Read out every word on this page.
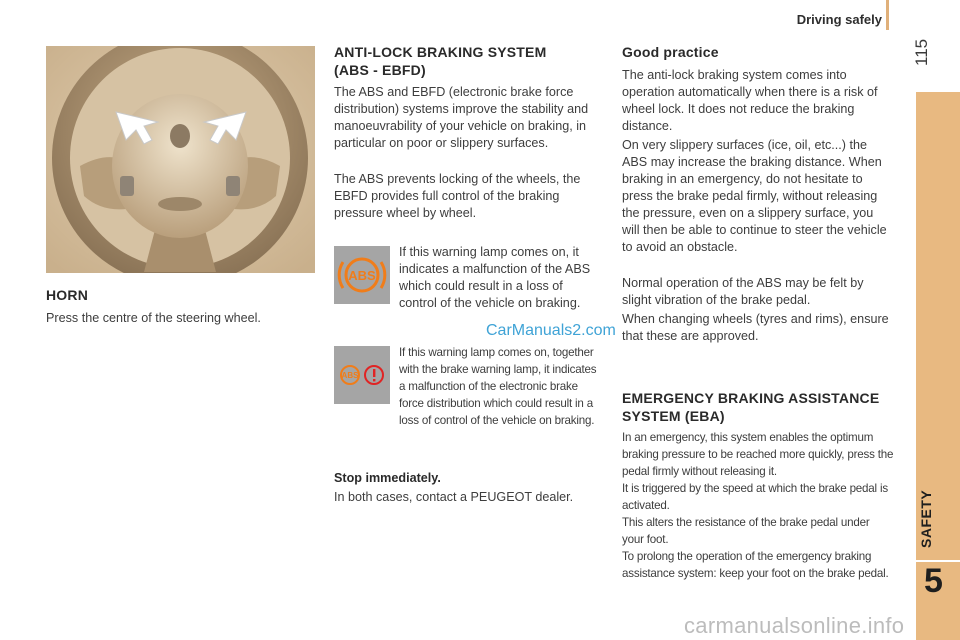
Driving safely
115
SAFETY
5
HORN

Press the centre of the steering wheel.

ANTI-LOCK BRAKING SYSTEM
(ABS - EBFD)

The ABS and EBFD (electronic brake force distribution) systems improve the stability and manoeuvrability of your vehicle on braking, in particular on poor or slippery surfaces.

The ABS prevents locking of the wheels, the EBFD provides full control of the braking pressure wheel by wheel.

ABS

If this warning lamp comes on, it indicates a malfunction of the ABS which could result in a loss of control of the vehicle on braking.

CarManuals2.com
ABS

If this warning lamp comes on, together with the brake warning lamp, it indicates a malfunction of the electronic brake force distribution which could result in a loss of control of the vehicle on braking.

Stop immediately.

In both cases, contact a PEUGEOT dealer.

Good practice

The anti-lock braking system comes into operation automatically when there is a risk of wheel lock. It does not reduce the braking distance.

On very slippery surfaces (ice, oil, etc...) the ABS may increase the braking distance. When braking in an emergency, do not hesitate to press the brake pedal firmly, without releasing the pressure, even on a slippery surface, you will then be able to continue to steer the vehicle to avoid an obstacle.

Normal operation of the ABS may be felt by slight vibration of the brake pedal.

When changing wheels (tyres and rims), ensure that these are approved.

EMERGENCY BRAKING ASSISTANCE
SYSTEM (EBA)

In an emergency, this system enables the optimum braking pressure to be reached more quickly, press the pedal firmly without releasing it.

It is triggered by the speed at which the brake pedal is activated.

This alters the resistance of the brake pedal under your foot.

To prolong the operation of the emergency braking assistance system: keep your foot on the brake pedal.

carmanualsonline.info
